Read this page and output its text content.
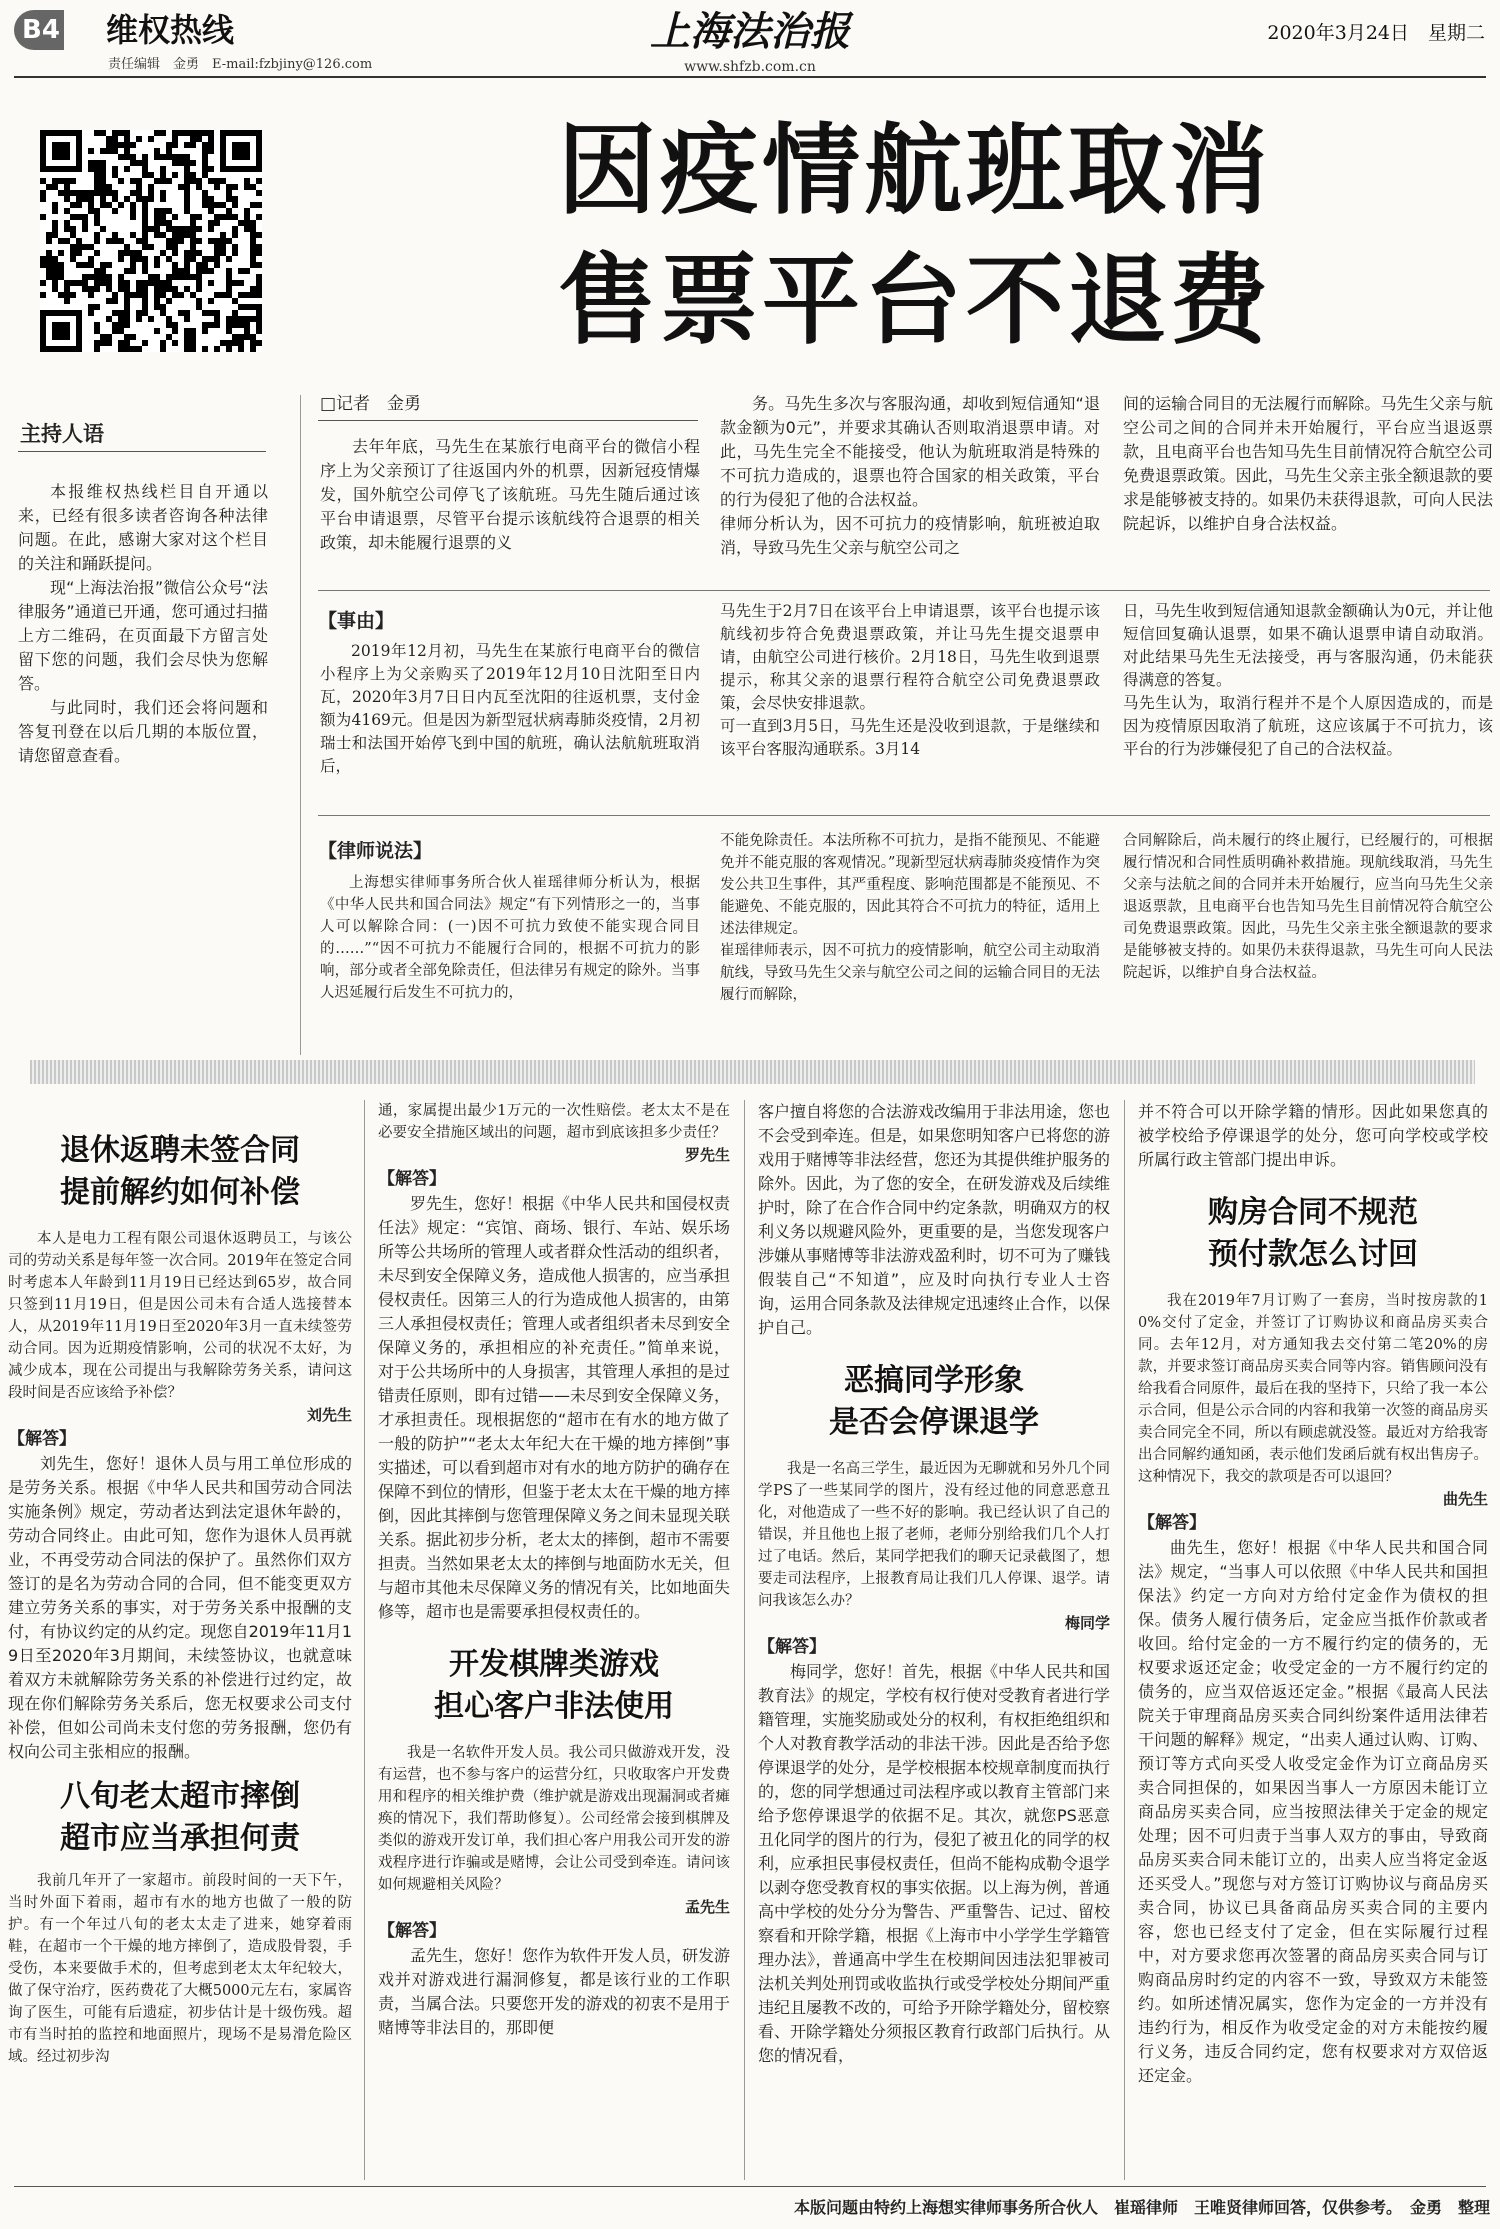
B4 维权热线
责任编辑　金勇　E-mail:fzbjiny@126.com
上海法治报
www.shfzb.com.cn
2020年3月24日　星期二
因疫情航班取消
售票平台不退费
主持人语

本报维权热线栏目自开通以来，已经有很多读者咨询各种法律问题。在此，感谢大家对这个栏目的关注和踊跃提问。

现“上海法治报”微信公众号“法律服务”通道已开通，您可通过扫描上方二维码，在页面最下方留言处留下您的问题，我们会尽快为您解答。

与此同时，我们还会将问题和答复刊登在以后几期的本版位置，请您留意查看。

□记者　金勇

去年年底，马先生在某旅行电商平台的微信小程序上为父亲预订了往返国内外的机票，因新冠疫情爆发，国外航空公司停飞了该航班。马先生随后通过该平台申请退票，尽管平台提示该航线符合退票的相关政策，却未能履行退票的义

务。马先生多次与客服沟通，却收到短信通知“退款金额为0元”，并要求其确认否则取消退票申请。对此，马先生完全不能接受，他认为航班取消是特殊的不可抗力造成的，退票也符合国家的相关政策，平台的行为侵犯了他的合法权益。
律师分析认为，因不可抗力的疫情影响，航班被迫取消，导致马先生父亲与航空公司之

间的运输合同目的无法履行而解除。马先生父亲与航空公司之间的合同并未开始履行，平台应当退返票款，且电商平台也告知马先生目前情况符合航空公司免费退票政策。因此，马先生父亲主张全额退款的要求是能够被支持的。如果仍未获得退款，可向人民法院起诉，以维护自身合法权益。

【事由】

2019年12月初，马先生在某旅行电商平台的微信小程序上为父亲购买了2019年12月10日沈阳至日内瓦，2020年3月7日日内瓦至沈阳的往返机票，支付金额为4169元。但是因为新型冠状病毒肺炎疫情，2月初瑞士和法国开始停飞到中国的航班，确认法航航班取消后，

马先生于2月7日在该平台上申请退票，该平台也提示该航线初步符合免费退票政策，并让马先生提交退票申请，由航空公司进行核价。2月18日，马先生收到退票提示，称其父亲的退票行程符合航空公司免费退票政策，会尽快安排退款。
可一直到3月5日，马先生还是没收到退款，于是继续和该平台客服沟通联系。3月14

日，马先生收到短信通知退款金额确认为0元，并让他短信回复确认退票，如果不确认退票申请自动取消。对此结果马先生无法接受，再与客服沟通，仍未能获得满意的答复。
马先生认为，取消行程并不是个人原因造成的，而是因为疫情原因取消了航班，这应该属于不可抗力，该平台的行为涉嫌侵犯了自己的合法权益。

【律师说法】

上海想实律师事务所合伙人崔瑶律师分析认为，根据《中华人民共和国合同法》规定“有下列情形之一的，当事人可以解除合同：(一)因不可抗力致使不能实现合同目的……”“因不可抗力不能履行合同的，根据不可抗力的影响，部分或者全部免除责任，但法律另有规定的除外。当事人迟延履行后发生不可抗力的，

不能免除责任。本法所称不可抗力，是指不能预见、不能避免并不能克服的客观情况。”现新型冠状病毒肺炎疫情作为突发公共卫生事件，其严重程度、影响范围都是不能预见、不能避免、不能克服的，因此其符合不可抗力的特征，适用上述法律规定。
崔瑶律师表示，因不可抗力的疫情影响，航空公司主动取消航线，导致马先生父亲与航空公司之间的运输合同目的无法履行而解除，

合同解除后，尚未履行的终止履行，已经履行的，可根据履行情况和合同性质明确补救措施。现航线取消，马先生父亲与法航之间的合同并未开始履行，应当向马先生父亲退返票款，且电商平台也告知马先生目前情况符合航空公司免费退票政策。因此，马先生父亲主张全额退款的要求是能够被支持的。如果仍未获得退款，马先生可向人民法院起诉，以维护自身合法权益。

退休返聘未签合同
提前解约如何补偿

本人是电力工程有限公司退休返聘员工，与该公司的劳动关系是每年签一次合同。2019年在签定合同时考虑本人年龄到11月19日已经达到65岁，故合同只签到11月19日，但是因公司未有合适人选接替本人，从2019年11月19日至2020年3月一直未续签劳动合同。因为近期疫情影响，公司的状况不太好，为减少成本，现在公司提出与我解除劳务关系，请问这段时间是否应该给予补偿？

刘先生
【解答】

刘先生，您好！退休人员与用工单位形成的是劳务关系。根据《中华人民共和国劳动合同法实施条例》规定，劳动者达到法定退休年龄的，劳动合同终止。由此可知，您作为退休人员再就业，不再受劳动合同法的保护了。虽然你们双方签订的是名为劳动合同的合同，但不能变更双方建立劳务关系的事实，对于劳务关系中报酬的支付，有协议约定的从约定。现您自2019年11月19日至2020年3月期间，未续签协议，也就意味着双方未就解除劳务关系的补偿进行过约定，故现在你们解除劳务关系后，您无权要求公司支付补偿，但如公司尚未支付您的劳务报酬，您仍有权向公司主张相应的报酬。

八旬老太超市摔倒
超市应当承担何责

我前几年开了一家超市。前段时间的一天下午，当时外面下着雨，超市有水的地方也做了一般的防护。有一个年过八旬的老太太走了进来，她穿着雨鞋，在超市一个干燥的地方摔倒了，造成股骨裂，手受伤，本来要做手术的，但考虑到老太太年纪较大，做了保守治疗，医药费花了大概5000元左右，家属咨询了医生，可能有后遗症，初步估计是十级伤残。超市有当时拍的监控和地面照片，现场不是易滑危险区域。经过初步沟

通，家属提出最少1万元的一次性赔偿。老太太不是在必要安全措施区域出的问题，超市到底该担多少责任？

罗先生
【解答】

罗先生，您好！根据《中华人民共和国侵权责任法》规定：“宾馆、商场、银行、车站、娱乐场所等公共场所的管理人或者群众性活动的组织者，未尽到安全保障义务，造成他人损害的，应当承担侵权责任。因第三人的行为造成他人损害的，由第三人承担侵权责任；管理人或者组织者未尽到安全保障义务的，承担相应的补充责任。”简单来说，对于公共场所中的人身损害，其管理人承担的是过错责任原则，即有过错——未尽到安全保障义务，才承担责任。现根据您的“超市在有水的地方做了一般的防护”“老太太年纪大在干燥的地方摔倒”事实描述，可以看到超市对有水的地方防护的确存在保障不到位的情形，但鉴于老太太在干燥的地方摔倒，因此其摔倒与您管理保障义务之间未显现关联关系。据此初步分析，老太太的摔倒，超市不需要担责。当然如果老太太的摔倒与地面防水无关，但与超市其他未尽保障义务的情况有关，比如地面失修等，超市也是需要承担侵权责任的。

开发棋牌类游戏
担心客户非法使用

我是一名软件开发人员。我公司只做游戏开发，没有运营，也不参与客户的运营分红，只收取客户开发费用和程序的相关维护费（维护就是游戏出现漏洞或者瘫痪的情况下，我们帮助修复）。公司经常会接到棋牌及类似的游戏开发订单，我们担心客户用我公司开发的游戏程序进行诈骗或是赌博，会让公司受到牵连。请问该如何规避相关风险？

孟先生
【解答】

孟先生，您好！您作为软件开发人员，研发游戏并对游戏进行漏洞修复，都是该行业的工作职责，当属合法。只要您开发的游戏的初衷不是用于赌博等非法目的，那即便

客户擅自将您的合法游戏改编用于非法用途，您也不会受到牵连。但是，如果您明知客户已将您的游戏用于赌博等非法经营，您还为其提供维护服务的除外。因此，为了您的安全，在研发游戏及后续维护时，除了在合作合同中约定条款，明确双方的权利义务以规避风险外，更重要的是，当您发现客户涉嫌从事赌博等非法游戏盈利时，切不可为了赚钱假装自己“不知道”，应及时向执行专业人士咨询，运用合同条款及法律规定迅速终止合作，以保护自己。

恶搞同学形象
是否会停课退学

我是一名高三学生，最近因为无聊就和另外几个同学PS了一些某同学的图片，没有经过他的同意恶意丑化，对他造成了一些不好的影响。我已经认识了自己的错误，并且他也上报了老师，老师分别给我们几个人打过了电话。然后，某同学把我们的聊天记录截图了，想要走司法程序，上报教育局让我们几人停课、退学。请问我该怎么办？

梅同学
【解答】

梅同学，您好！首先，根据《中华人民共和国教育法》的规定，学校有权行使对受教育者进行学籍管理，实施奖励或处分的权利，有权拒绝组织和个人对教育教学活动的非法干涉。因此是否给予您停课退学的处分，是学校根据本校规章制度而执行的，您的同学想通过司法程序或以教育主管部门来给予您停课退学的依据不足。其次，就您PS恶意丑化同学的图片的行为，侵犯了被丑化的同学的权利，应承担民事侵权责任，但尚不能构成勒令退学以剥夺您受教育权的事实依据。以上海为例，普通高中学校的处分分为警告、严重警告、记过、留校察看和开除学籍，根据《上海市中小学学生学籍管理办法》，普通高中学生在校期间因违法犯罪被司法机关判处刑罚或收监执行或受学校处分期间严重违纪且屡教不改的，可给予开除学籍处分，留校察看、开除学籍处分须报区教育行政部门后执行。从您的情况看，

并不符合可以开除学籍的情形。因此如果您真的被学校给予停课退学的处分，您可向学校或学校所属行政主管部门提出申诉。

购房合同不规范
预付款怎么讨回

我在2019年7月订购了一套房，当时按房款的10%交付了定金，并签订了订购协议和商品房买卖合同。去年12月，对方通知我去交付第二笔20%的房款，并要求签订商品房买卖合同等内容。销售顾问没有给我看合同原件，最后在我的坚持下，只给了我一本公示合同，但是公示合同的内容和我第一次签的商品房买卖合同完全不同，所以有顾虑就没签。最近对方给我寄出合同解约通知函，表示他们发函后就有权出售房子。这种情况下，我交的款项是否可以退回？

曲先生
【解答】

曲先生，您好！根据《中华人民共和国合同法》规定，“当事人可以依照《中华人民共和国担保法》约定一方向对方给付定金作为债权的担保。债务人履行债务后，定金应当抵作价款或者收回。给付定金的一方不履行约定的债务的，无权要求返还定金；收受定金的一方不履行约定的债务的，应当双倍返还定金。”根据《最高人民法院关于审理商品房买卖合同纠纷案件适用法律若干问题的解释》规定，“出卖人通过认购、订购、预订等方式向买受人收受定金作为订立商品房买卖合同担保的，如果因当事人一方原因未能订立商品房买卖合同，应当按照法律关于定金的规定处理；因不可归责于当事人双方的事由，导致商品房买卖合同未能订立的，出卖人应当将定金返还买受人。”现您与对方签订订购协议与商品房买卖合同，协议已具备商品房买卖合同的主要内容，您也已经支付了定金，但在实际履行过程中，对方要求您再次签署的商品房买卖合同与订购商品房时约定的内容不一致，导致双方未能签约。如所述情况属实，您作为定金的一方并没有违约行为，相反作为收受定金的对方未能按约履行义务，违反合同约定，您有权要求对方双倍返还定金。

本版问题由特约上海想实律师事务所合伙人　崔瑶律师　王唯贤律师回答，仅供参考。　金勇　整理
